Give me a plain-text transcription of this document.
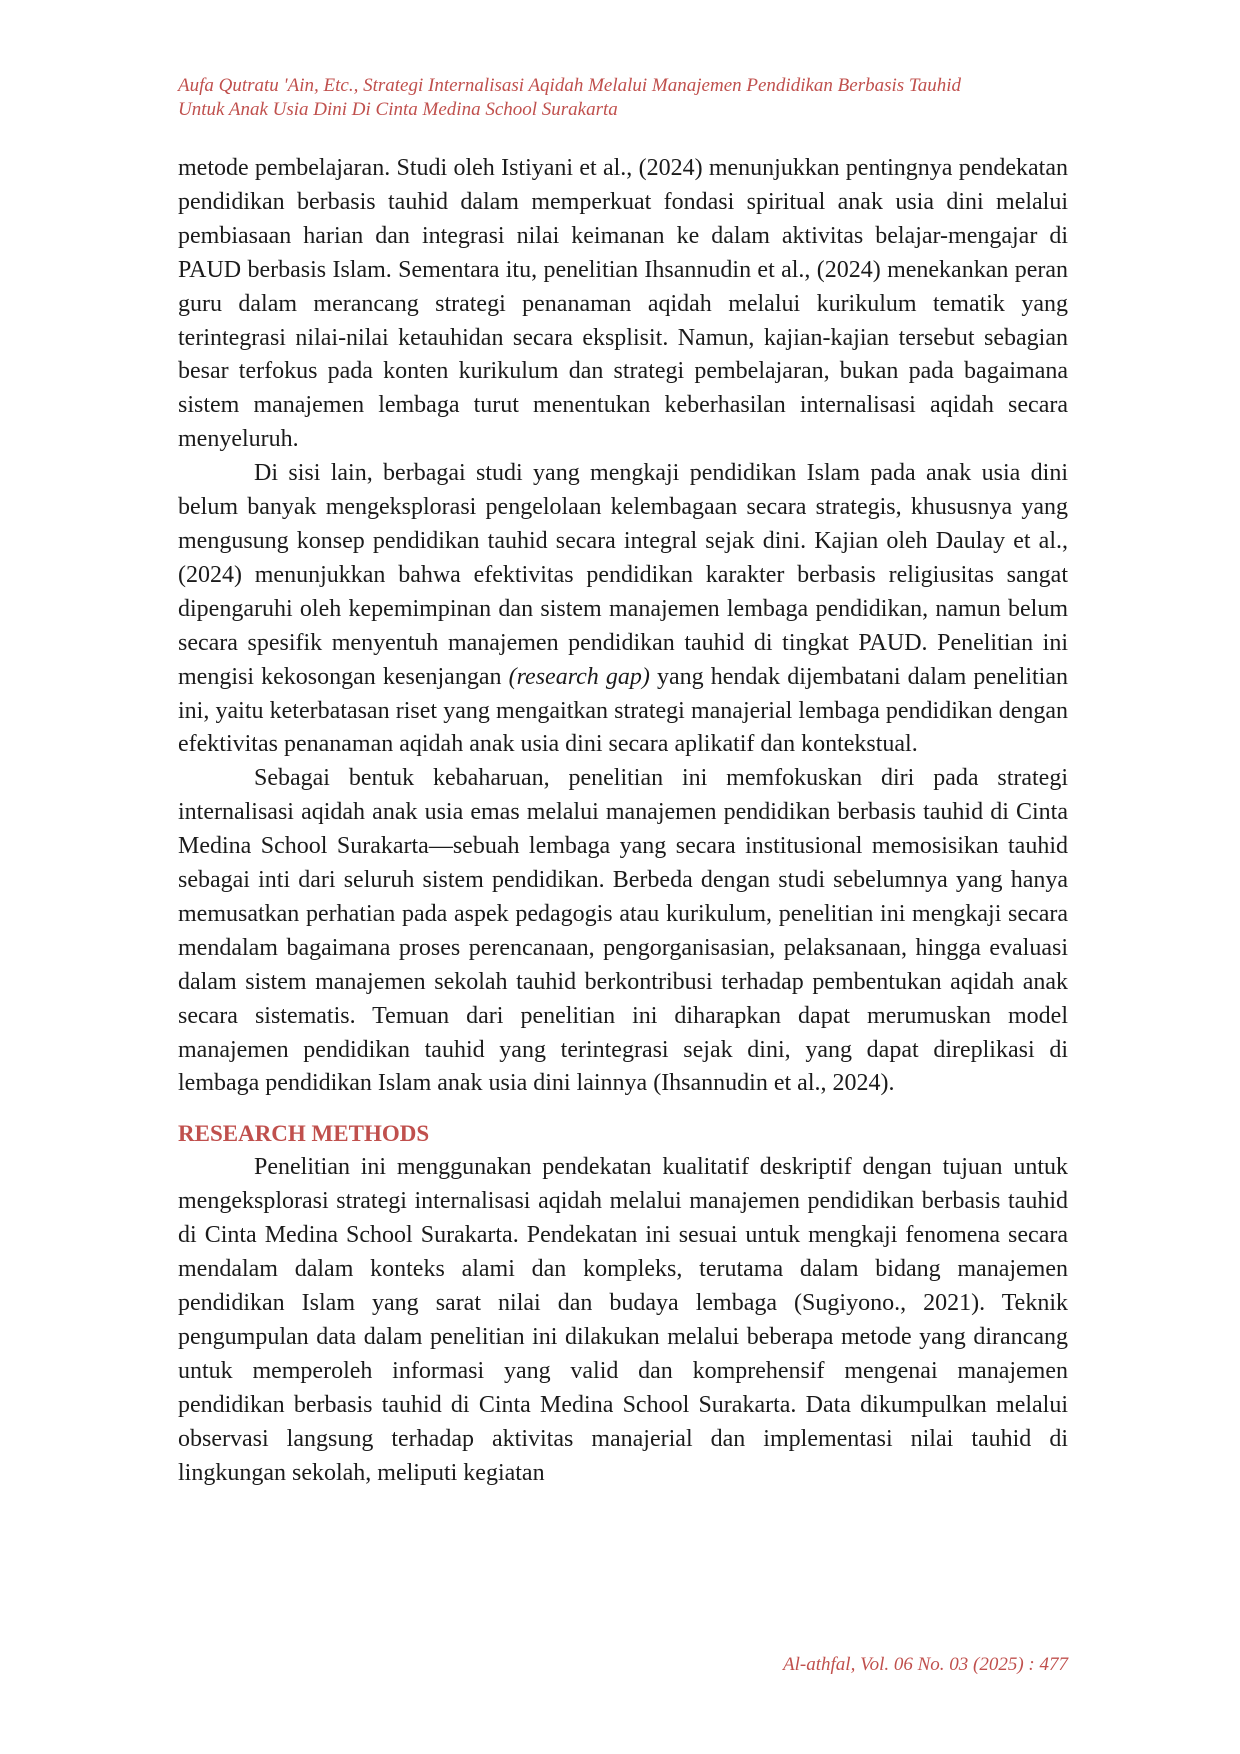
Aufa Qutratu 'Ain, Etc., Strategi Internalisasi Aqidah Melalui Manajemen Pendidikan Berbasis Tauhid
Untuk Anak Usia Dini Di Cinta Medina School Surakarta

metode pembelajaran. Studi oleh Istiyani et al., (2024) menunjukkan pentingnya pendekatan pendidikan berbasis tauhid dalam memperkuat fondasi spiritual anak usia dini melalui pembiasaan harian dan integrasi nilai keimanan ke dalam aktivitas belajar-mengajar di PAUD berbasis Islam. Sementara itu, penelitian Ihsannudin et al., (2024) menekankan peran guru dalam merancang strategi penanaman aqidah melalui kurikulum tematik yang terintegrasi nilai-nilai ketauhidan secara eksplisit. Namun, kajian-kajian tersebut sebagian besar terfokus pada konten kurikulum dan strategi pembelajaran, bukan pada bagaimana sistem manajemen lembaga turut menentukan keberhasilan internalisasi aqidah secara menyeluruh.

Di sisi lain, berbagai studi yang mengkaji pendidikan Islam pada anak usia dini belum banyak mengeksplorasi pengelolaan kelembagaan secara strategis, khususnya yang mengusung konsep pendidikan tauhid secara integral sejak dini. Kajian oleh Daulay et al., (2024) menunjukkan bahwa efektivitas pendidikan karakter berbasis religiusitas sangat dipengaruhi oleh kepemimpinan dan sistem manajemen lembaga pendidikan, namun belum secara spesifik menyentuh manajemen pendidikan tauhid di tingkat PAUD. Penelitian ini mengisi kekosongan kesenjangan (research gap) yang hendak dijembatani dalam penelitian ini, yaitu keterbatasan riset yang mengaitkan strategi manajerial lembaga pendidikan dengan efektivitas penanaman aqidah anak usia dini secara aplikatif dan kontekstual.

Sebagai bentuk kebaharuan, penelitian ini memfokuskan diri pada strategi internalisasi aqidah anak usia emas melalui manajemen pendidikan berbasis tauhid di Cinta Medina School Surakarta—sebuah lembaga yang secara institusional memosisikan tauhid sebagai inti dari seluruh sistem pendidikan. Berbeda dengan studi sebelumnya yang hanya memusatkan perhatian pada aspek pedagogis atau kurikulum, penelitian ini mengkaji secara mendalam bagaimana proses perencanaan, pengorganisasian, pelaksanaan, hingga evaluasi dalam sistem manajemen sekolah tauhid berkontribusi terhadap pembentukan aqidah anak secara sistematis. Temuan dari penelitian ini diharapkan dapat merumuskan model manajemen pendidikan tauhid yang terintegrasi sejak dini, yang dapat direplikasi di lembaga pendidikan Islam anak usia dini lainnya (Ihsannudin et al., 2024).

RESEARCH METHODS

Penelitian ini menggunakan pendekatan kualitatif deskriptif dengan tujuan untuk mengeksplorasi strategi internalisasi aqidah melalui manajemen pendidikan berbasis tauhid di Cinta Medina School Surakarta. Pendekatan ini sesuai untuk mengkaji fenomena secara mendalam dalam konteks alami dan kompleks, terutama dalam bidang manajemen pendidikan Islam yang sarat nilai dan budaya lembaga (Sugiyono., 2021). Teknik pengumpulan data dalam penelitian ini dilakukan melalui beberapa metode yang dirancang untuk memperoleh informasi yang valid dan komprehensif mengenai manajemen pendidikan berbasis tauhid di Cinta Medina School Surakarta. Data dikumpulkan melalui observasi langsung terhadap aktivitas manajerial dan implementasi nilai tauhid di lingkungan sekolah, meliputi kegiatan

Al-athfal, Vol. 06 No. 03 (2025) : 477
